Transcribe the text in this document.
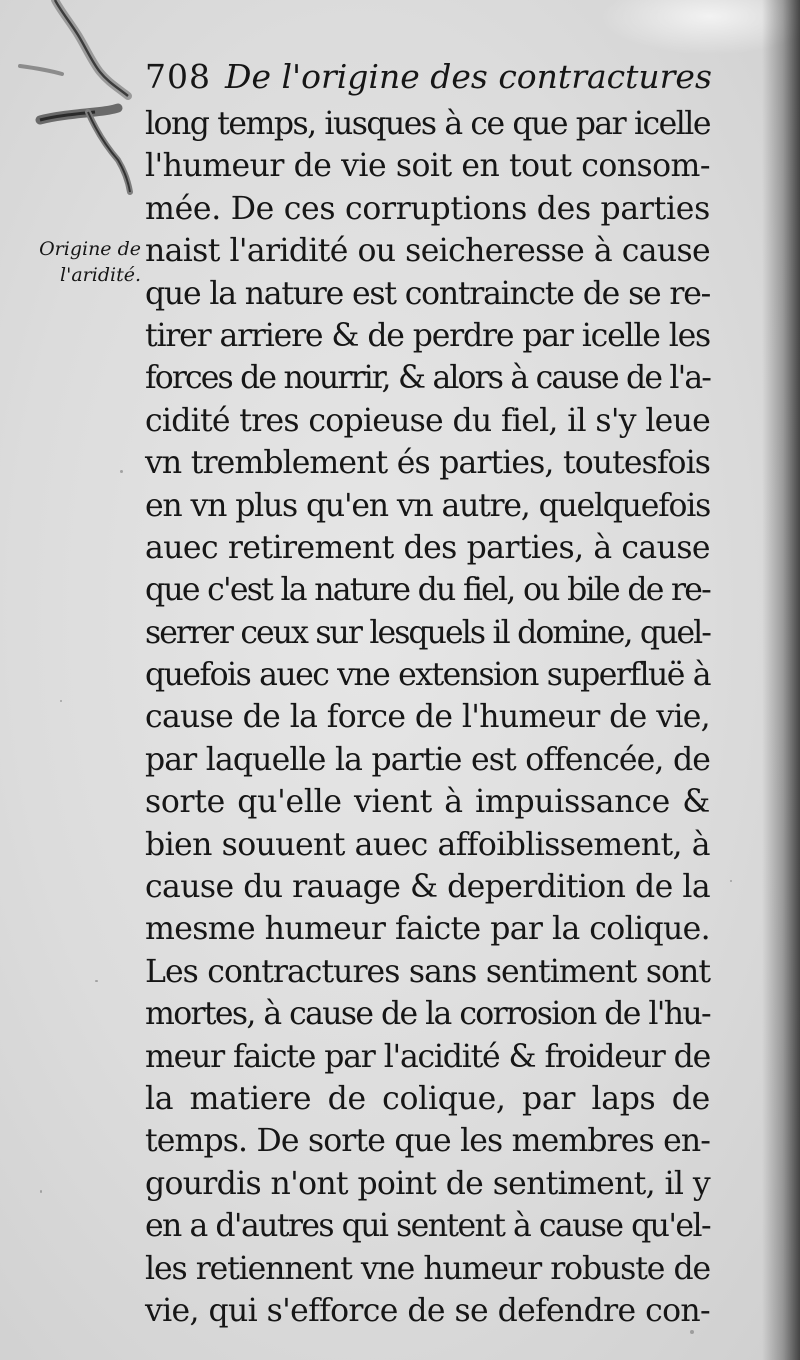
708 De l'origine des contractures
Origine de
l'aridité.
long temps, iusques à ce que par icelle
l'humeur de vie soit en tout consom-
mée. De ces corruptions des parties
naist l'aridité ou seicheresse à cause
que la nature est contraincte de se re-
tirer arriere & de perdre par icelle les
forces de nourrir, & alors à cause de l'a-
cidité tres copieuse du fiel, il s'y leue
vn tremblement és parties, toutesfois
en vn plus qu'en vn autre, quelquefois
auec retirement des parties, à cause
que c'est la nature du fiel, ou bile de re-
serrer ceux sur lesquels il domine, quel-
quefois auec vne extension superfluë à
cause de la force de l'humeur de vie,
par laquelle la partie est offencée, de
sorte qu'elle vient à impuissance &
bien souuent auec affoiblissement, à
cause du rauage & deperdition de la
mesme humeur faicte par la colique.
Les contractures sans sentiment sont
mortes, à cause de la corrosion de l'hu-
meur faicte par l'acidité & froideur de
la matiere de colique, par laps de
temps. De sorte que les membres en-
gourdis n'ont point de sentiment, il y
en a d'autres qui sentent à cause qu'el-
les retiennent vne humeur robuste de
vie, qui s'efforce de se defendre con-
